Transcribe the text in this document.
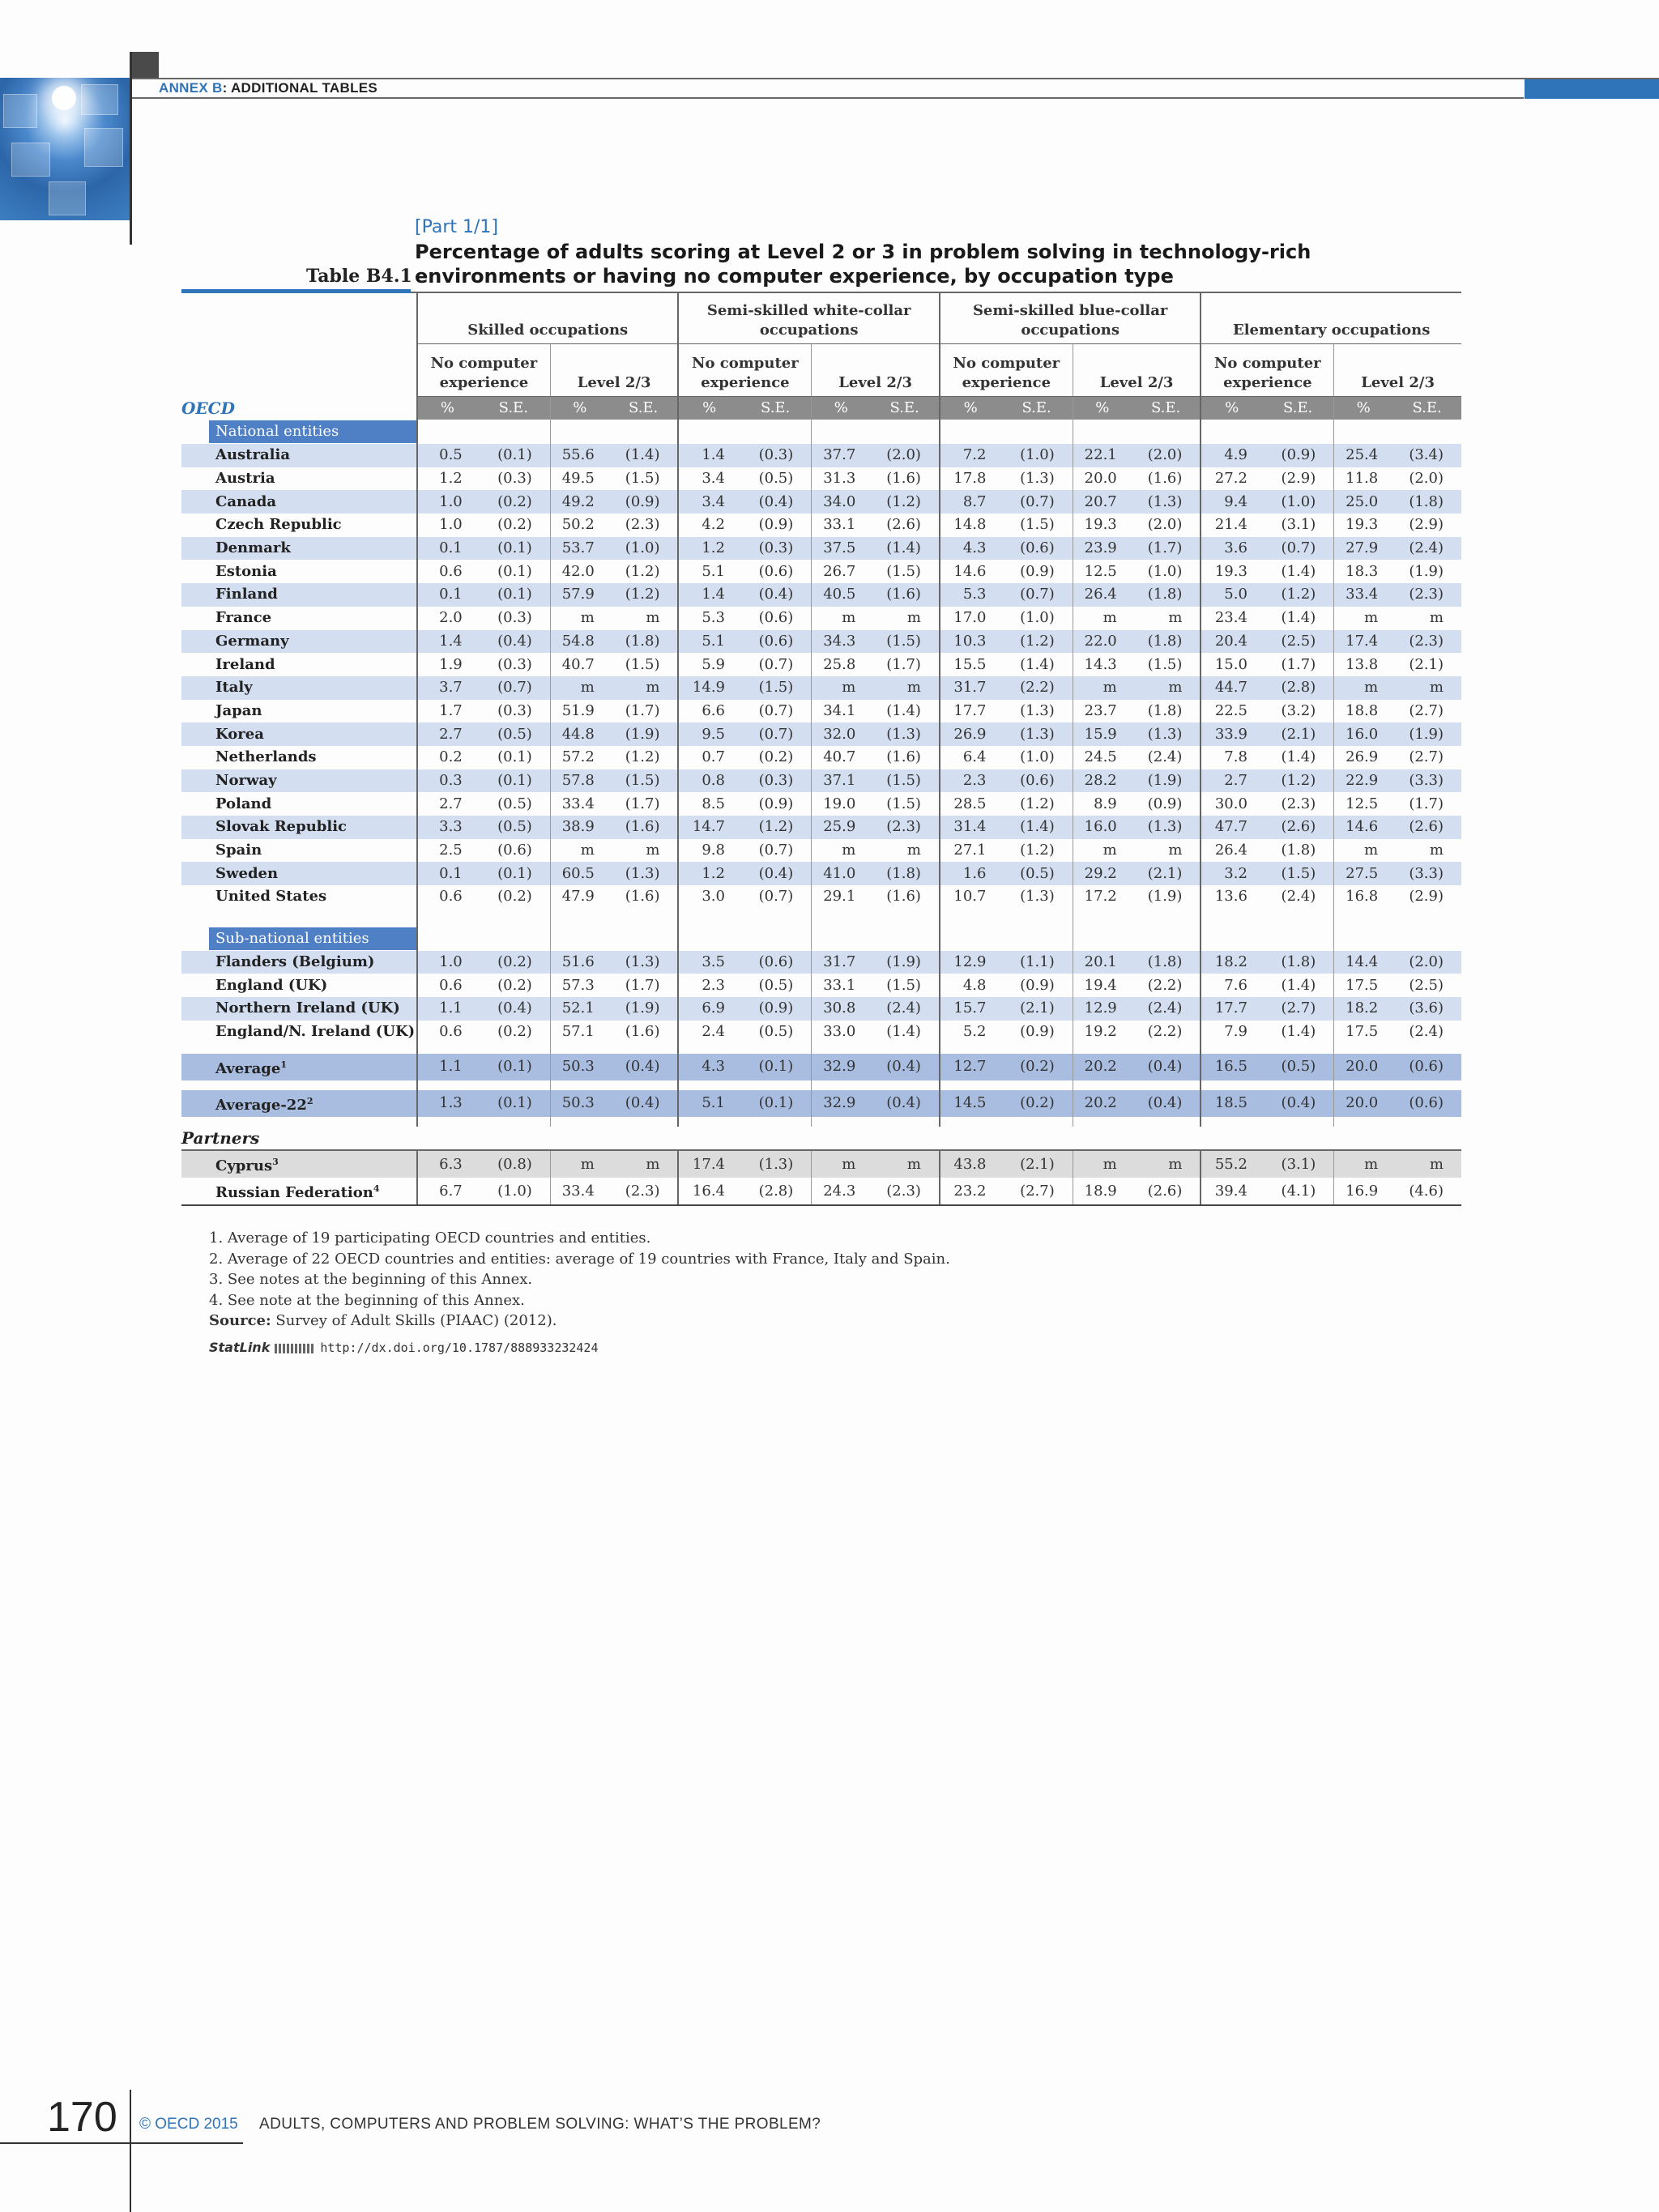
ANNEX B: ADDITIONAL TABLES
[Part 1/1]
Percentage of adults scoring at Level 2 or 3 in problem solving in technology-rich environments or having no computer experience, by occupation type
Table B4.1
	Skilled occupations				Semi-skilled white-collar occupations				Semi-skilled blue-collar occupations				Elementary occupations			
	No computer experience		Level 2/3		No computer experience		Level 2/3		No computer experience		Level 2/3		No computer experience		Level 2/3	
OECD	%	S.E.	%	S.E.	%	S.E.	%	S.E.	%	S.E.	%	S.E.	%	S.E.	%	S.E.

National entities																

Australia	0.5	(0.1)	55.6	(1.4)	1.4	(0.3)	37.7	(2.0)	7.2	(1.0)	22.1	(2.0)	4.9	(0.9)	25.4	(3.4)
Austria	1.2	(0.3)	49.5	(1.5)	3.4	(0.5)	31.3	(1.6)	17.8	(1.3)	20.0	(1.6)	27.2	(2.9)	11.8	(2.0)
Canada	1.0	(0.2)	49.2	(0.9)	3.4	(0.4)	34.0	(1.2)	8.7	(0.7)	20.7	(1.3)	9.4	(1.0)	25.0	(1.8)
Czech Republic	1.0	(0.2)	50.2	(2.3)	4.2	(0.9)	33.1	(2.6)	14.8	(1.5)	19.3	(2.0)	21.4	(3.1)	19.3	(2.9)
Denmark	0.1	(0.1)	53.7	(1.0)	1.2	(0.3)	37.5	(1.4)	4.3	(0.6)	23.9	(1.7)	3.6	(0.7)	27.9	(2.4)
Estonia	0.6	(0.1)	42.0	(1.2)	5.1	(0.6)	26.7	(1.5)	14.6	(0.9)	12.5	(1.0)	19.3	(1.4)	18.3	(1.9)
Finland	0.1	(0.1)	57.9	(1.2)	1.4	(0.4)	40.5	(1.6)	5.3	(0.7)	26.4	(1.8)	5.0	(1.2)	33.4	(2.3)
France	2.0	(0.3)	m	m	5.3	(0.6)	m	m	17.0	(1.0)	m	m	23.4	(1.4)	m	m
Germany	1.4	(0.4)	54.8	(1.8)	5.1	(0.6)	34.3	(1.5)	10.3	(1.2)	22.0	(1.8)	20.4	(2.5)	17.4	(2.3)
Ireland	1.9	(0.3)	40.7	(1.5)	5.9	(0.7)	25.8	(1.7)	15.5	(1.4)	14.3	(1.5)	15.0	(1.7)	13.8	(2.1)
Italy	3.7	(0.7)	m	m	14.9	(1.5)	m	m	31.7	(2.2)	m	m	44.7	(2.8)	m	m
Japan	1.7	(0.3)	51.9	(1.7)	6.6	(0.7)	34.1	(1.4)	17.7	(1.3)	23.7	(1.8)	22.5	(3.2)	18.8	(2.7)
Korea	2.7	(0.5)	44.8	(1.9)	9.5	(0.7)	32.0	(1.3)	26.9	(1.3)	15.9	(1.3)	33.9	(2.1)	16.0	(1.9)
Netherlands	0.2	(0.1)	57.2	(1.2)	0.7	(0.2)	40.7	(1.6)	6.4	(1.0)	24.5	(2.4)	7.8	(1.4)	26.9	(2.7)
Norway	0.3	(0.1)	57.8	(1.5)	0.8	(0.3)	37.1	(1.5)	2.3	(0.6)	28.2	(1.9)	2.7	(1.2)	22.9	(3.3)
Poland	2.7	(0.5)	33.4	(1.7)	8.5	(0.9)	19.0	(1.5)	28.5	(1.2)	8.9	(0.9)	30.0	(2.3)	12.5	(1.7)
Slovak Republic	3.3	(0.5)	38.9	(1.6)	14.7	(1.2)	25.9	(2.3)	31.4	(1.4)	16.0	(1.3)	47.7	(2.6)	14.6	(2.6)
Spain	2.5	(0.6)	m	m	9.8	(0.7)	m	m	27.1	(1.2)	m	m	26.4	(1.8)	m	m
Sweden	0.1	(0.1)	60.5	(1.3)	1.2	(0.4)	41.0	(1.8)	1.6	(0.5)	29.2	(2.1)	3.2	(1.5)	27.5	(3.3)
United States	0.6	(0.2)	47.9	(1.6)	3.0	(0.7)	29.1	(1.6)	10.7	(1.3)	17.2	(1.9)	13.6	(2.4)	16.8	(2.9)

Sub-national entities																

Flanders (Belgium)	1.0	(0.2)	51.6	(1.3)	3.5	(0.6)	31.7	(1.9)	12.9	(1.1)	20.1	(1.8)	18.2	(1.8)	14.4	(2.0)
England (UK)	0.6	(0.2)	57.3	(1.7)	2.3	(0.5)	33.1	(1.5)	4.8	(0.9)	19.4	(2.2)	7.6	(1.4)	17.5	(2.5)
Northern Ireland (UK)	1.1	(0.4)	52.1	(1.9)	6.9	(0.9)	30.8	(2.4)	15.7	(2.1)	12.9	(2.4)	17.7	(2.7)	18.2	(3.6)
England/N. Ireland (UK)	0.6	(0.2)	57.1	(1.6)	2.4	(0.5)	33.0	(1.4)	5.2	(0.9)	19.2	(2.2)	7.9	(1.4)	17.5	(2.4)

Average$^1$	1.1	(0.1)	50.3	(0.4)	4.3	(0.1)	32.9	(0.4)	12.7	(0.2)	20.2	(0.4)	16.5	(0.5)	20.0	(0.6)

Average-$22^2$	1.3	(0.1)	50.3	(0.4)	5.1	(0.1)	32.9	(0.4)	14.5	(0.2)	20.2	(0.4)	18.5	(0.4)	20.0	(0.6)

Partners																
Cyprus$^3$	6.3	(0.8)	m	m	17.4	(1.3)	m	m	43.8	(2.1)	m	m	55.2	(3.1)	m	m
Russian Federation$^4$	6.7	(1.0)	33.4	(2.3)	16.4	(2.8)	24.3	(2.3)	23.2	(2.7)	18.9	(2.6)	39.4	(4.1)	16.9	(4.6)
1. Average of 19 participating OECD countries and entities.
2. Average of 22 OECD countries and entities: average of 19 countries with France, Italy and Spain.
3. See notes at the beginning of this Annex.
4. See note at the beginning of this Annex.
Source: Survey of Adult Skills (PIAAC) (2012).
StatLink	http://dx.doi.org/10.1787/888933232424
170 © OECD 2015 ADULTS, COMPUTERS AND PROBLEM SOLVING: WHAT’S THE PROBLEM?
